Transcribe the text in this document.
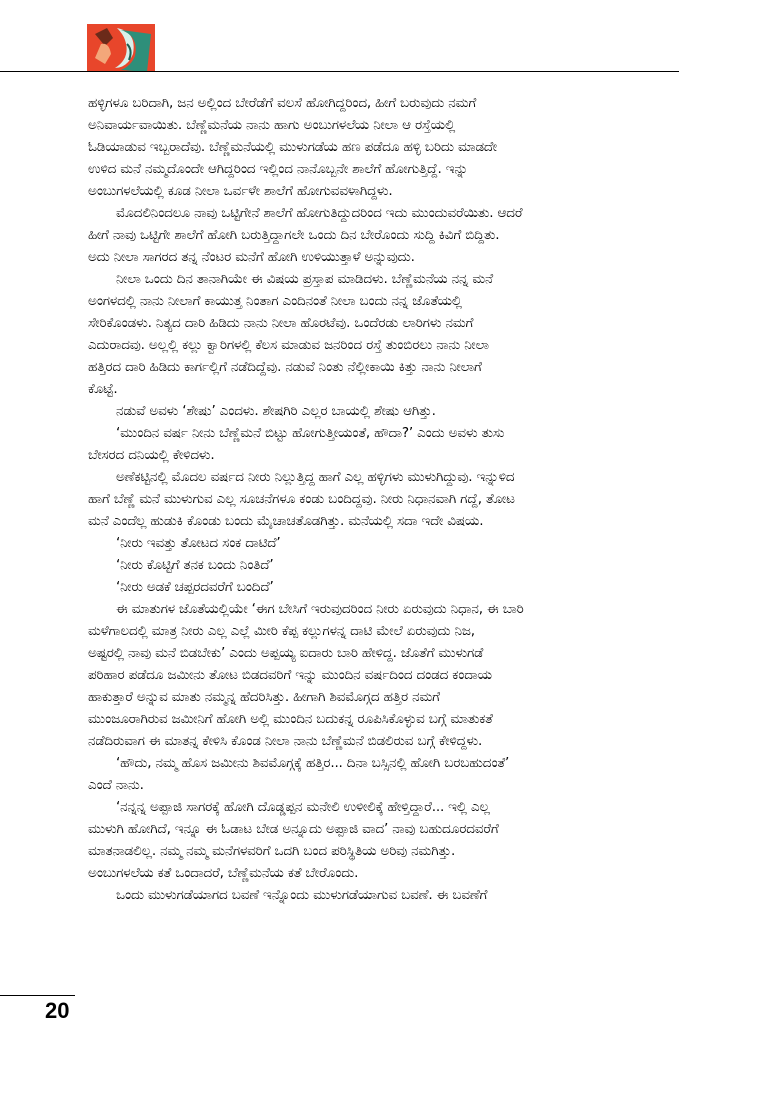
ಹಳ್ಳಿಗಳೂ ಬರಿದಾಗಿ, ಜನ ಅಲ್ಲಿಂದ ಬೇರೆಡೆಗೆ ವಲಸೆ ಹೋಗಿದ್ದರಿಂದ, ಹೀಗೆ ಬರುವುದು ನಮಗೆ
ಅನಿವಾರ್ಯವಾಯಿತು. ಬೆಣ್ಣೆಮನೆಯ ನಾನು ಹಾಗು ಅಂಬುಗಳಲೆಯ ನೀಲಾ ಆ ರಸ್ತೆಯಲ್ಲಿ
ಓಡಿಯಾಡುವ ಇಬ್ಬರಾದೆವು. ಬೆಣ್ಣೆಮನೆಯಲ್ಲಿ ಮುಳುಗಡೆಯ ಹಣ ಪಡೆದೂ ಹಳ್ಳಿ ಬರಿದು ಮಾಡದೇ
ಉಳಿದ ಮನೆ ನಮ್ಮದೊಂದೇ ಆಗಿದ್ದರಿಂದ ಇಲ್ಲಿಂದ ನಾನೊಬ್ಬನೇ ಶಾಲೆಗೆ ಹೋಗುತ್ತಿದ್ದೆ. ಇನ್ನು
ಅಂಬುಗಳಲೆಯಲ್ಲಿ ಕೂಡ ನೀಲಾ ಒರ್ವಳೇ ಶಾಲೆಗೆ ಹೋಗುವವಳಾಗಿದ್ದಳು.
ಮೊದಲಿನಿಂದಲೂ ನಾವು ಒಟ್ಟಿಗೇನೆ ಶಾಲೆಗೆ ಹೋಗುತಿದ್ದುದರಿಂದ ಇದು ಮುಂದುವರೆಯಿತು. ಆದರೆ
ಹೀಗೆ ನಾವು ಒಟ್ಟಿಗೇ ಶಾಲೆಗೆ ಹೋಗಿ ಬರುತ್ತಿದ್ದಾಗಲೇ ಒಂದು ದಿನ ಬೇರೊಂದು ಸುದ್ದಿ ಕಿವಿಗೆ ಬಿದ್ದಿತು.
ಅದು ನೀಲಾ ಸಾಗರದ ತನ್ನ ನೆಂಟರ ಮನೆಗೆ ಹೋಗಿ ಉಳಿಯುತ್ತಾಳೆ ಅನ್ನುವುದು.
ನೀಲಾ ಒಂದು ದಿನ ತಾನಾಗಿಯೇ ಈ ವಿಷಯ ಪ್ರಸ್ತಾಪ ಮಾಡಿದಳು. ಬೆಣ್ಣೆಮನೆಯ ನನ್ನ ಮನೆ
ಅಂಗಳದಲ್ಲಿ ನಾನು ನೀಲಾಗೆ ಕಾಯುತ್ತ ನಿಂತಾಗ ಎಂದಿನಂತೆ ನೀಲಾ ಬಂದು ನನ್ನ ಜೊತೆಯಲ್ಲಿ
ಸೇರಿಕೊಂಡಳು. ನಿತ್ಯದ ದಾರಿ ಹಿಡಿದು ನಾನು ನೀಲಾ ಹೊರಟೆವು. ಒಂದೆರಡು ಲಾರಿಗಳು ನಮಗೆ
ಎದುರಾದವು. ಅಲ್ಲಲ್ಲಿ ಕಲ್ಲು ಕ್ವಾರಿಗಳಲ್ಲಿ ಕೆಲಸ ಮಾಡುವ ಜನರಿಂದ ರಸ್ತೆ ತುಂಬಿರಲು ನಾನು ನೀಲಾ
ಹತ್ತಿರದ ದಾರಿ ಹಿಡಿದು ಕಾರ್ಗಲ್ಲಿಗೆ ನಡೆದಿದ್ದೆವು. ನಡುವೆ ನಿಂತು ನೆಲ್ಲೀಕಾಯಿ ಕಿತ್ತು ನಾನು ನೀಲಾಗೆ
ಕೊಟ್ಟೆ.
ನಡುವೆ ಅವಳು ‘ಶೇಷು’ ಎಂದಳು. ಶೇಷಗಿರಿ ಎಲ್ಲರ ಬಾಯಲ್ಲಿ ಶೇಷು ಆಗಿತ್ತು.
‘ಮುಂದಿನ ವರ್ಷ ನೀನು ಬೆಣ್ಣೆಮನೆ ಬಿಟ್ಟು ಹೋಗುತ್ತೀಯಂತೆ, ಹೌದಾ?’ ಎಂದು ಅವಳು ತುಸು
ಬೇಸರದ ದನಿಯಲ್ಲಿ ಕೇಳಿದಳು.
ಅಣೆಕಟ್ಟಿನಲ್ಲಿ ಮೊದಲ ವರ್ಷದ ನೀರು ನಿಲ್ಲುತ್ತಿದ್ದ ಹಾಗೆ ಎಲ್ಲ ಹಳ್ಳಿಗಳು ಮುಳುಗಿದ್ದುವು. ಇನ್ನುಳಿದ
ಹಾಗೆ ಬೆಣ್ಣೆ ಮನೆ ಮುಳುಗುವ ಎಲ್ಲ ಸೂಚನೆಗಳೂ ಕಂಡು ಬಂದಿದ್ದವು. ನೀರು ನಿಧಾನವಾಗಿ ಗದ್ದೆ, ತೋಟ
ಮನೆ ಎಂದೆಲ್ಲ ಹುಡುಕಿ ಕೊಂಡು ಬಂದು ಮೈಚಾಚತೊಡಗಿತ್ತು. ಮನೆಯಲ್ಲಿ ಸದಾ ಇದೇ ವಿಷಯ.
‘ನೀರು ಇವತ್ತು ತೋಟದ ಸಂಕ ದಾಟಿದೆ’
‘ನೀರು ಕೊಟ್ಟಿಗೆ ತನಕ ಬಂದು ನಿಂತಿದೆ’
‘ನೀರು ಅಡಕೆ ಚಪ್ಪರದವರೆಗೆ ಬಂದಿದೆ’
ಈ ಮಾತುಗಳ ಜೊತೆಯಲ್ಲಿಯೇ ‘ಈಗ ಬೇಸಿಗೆ ಇರುವುದರಿಂದ ನೀರು ಏರುವುದು ನಿಧಾನ, ಈ ಬಾರಿ
ಮಳೆಗಾಲದಲ್ಲಿ ಮಾತ್ರ ನೀರು ಎಲ್ಲ ಎಲ್ಲೆ ಮೀರಿ ಕೆಪ್ಪ ಕಲ್ಲುಗಳನ್ನ ದಾಟಿ ಮೇಲೆ ಏರುವುದು ನಿಜ,
ಅಷ್ಟರಲ್ಲಿ ನಾವು ಮನೆ ಬಿಡಬೇಕು’ ಎಂದು ಅಪ್ಪಯ್ಯ ಐದಾರು ಬಾರಿ ಹೇಳಿದ್ದ. ಜೊತೆಗೆ ಮುಳುಗಡೆ
ಪರಿಹಾರ ಪಡೆದೂ ಜಮೀನು ತೋಟ ಬಿಡದವರಿಗೆ ಇನ್ನು ಮುಂದಿನ ವರ್ಷದಿಂದ ದಂಡದ ಕಂದಾಯ
ಹಾಕುತ್ತಾರೆ ಅನ್ನುವ ಮಾತು ನಮ್ಮನ್ನ ಹೆದರಿಸಿತ್ತು. ಹೀಗಾಗಿ ಶಿವಮೊಗ್ಗದ ಹತ್ತಿರ ನಮಗೆ
ಮುಂಜೂರಾಗಿರುವ ಜಮೀನಿಗೆ ಹೋಗಿ ಅಲ್ಲಿ ಮುಂದಿನ ಬದುಕನ್ನ ರೂಪಿಸಿಕೊಳ್ಳುವ ಬಗ್ಗೆ ಮಾತುಕತೆ
ನಡೆದಿರುವಾಗ ಈ ಮಾತನ್ನ ಕೇಳಿಸಿ ಕೊಂಡ ನೀಲಾ ನಾನು ಬೆಣ್ಣೆಮನೆ ಬಿಡಲಿರುವ ಬಗ್ಗೆ ಕೇಳಿದ್ದಳು.
‘ಹೌದು, ನಮ್ಮ ಹೊಸ ಜಮೀನು ಶಿವಮೊಗ್ಗಕ್ಕೆ ಹತ್ತಿರ... ದಿನಾ ಬಸ್ಸಿನಲ್ಲಿ ಹೋಗಿ ಬರಬಹುದಂತೆ’
ಎಂದೆ ನಾನು.
‘ನನ್ನನ್ನ ಅಪ್ಪಾಜಿ ಸಾಗರಕ್ಕೆ ಹೋಗಿ ದೊಡ್ಡಪ್ಪನ ಮನೇಲಿ ಉಳೀಲಿಕ್ಕೆ ಹೇಳ್ತಿದ್ದಾರೆ... ಇಲ್ಲಿ ಎಲ್ಲ
ಮುಳುಗಿ ಹೋಗಿದೆ, ಇನ್ನೂ ಈ ಓಡಾಟ ಬೇಡ ಅನ್ನೂದು ಅಪ್ಪಾಜಿ ವಾದ’ ನಾವು ಬಹುದೂರದವರೆಗೆ
ಮಾತನಾಡಲಿಲ್ಲ. ನಮ್ಮ ನಮ್ಮ ಮನೆಗಳವರಿಗೆ ಒದಗಿ ಬಂದ ಪರಿಸ್ಥಿತಿಯ ಅರಿವು ನಮಗಿತ್ತು.
ಅಂಬುಗಳಲೆಯ ಕತೆ ಒಂದಾದರೆ, ಬೆಣ್ಣೆಮನೆಯ ಕತೆ ಬೇರೊಂದು.
ಒಂದು ಮುಳುಗಡೆಯಾಗದ ಬವಣೆ ಇನ್ನೊಂದು ಮುಳುಗಡೆಯಾಗುವ ಬವಣೆ. ಈ ಬವಣೆಗೆ
20
